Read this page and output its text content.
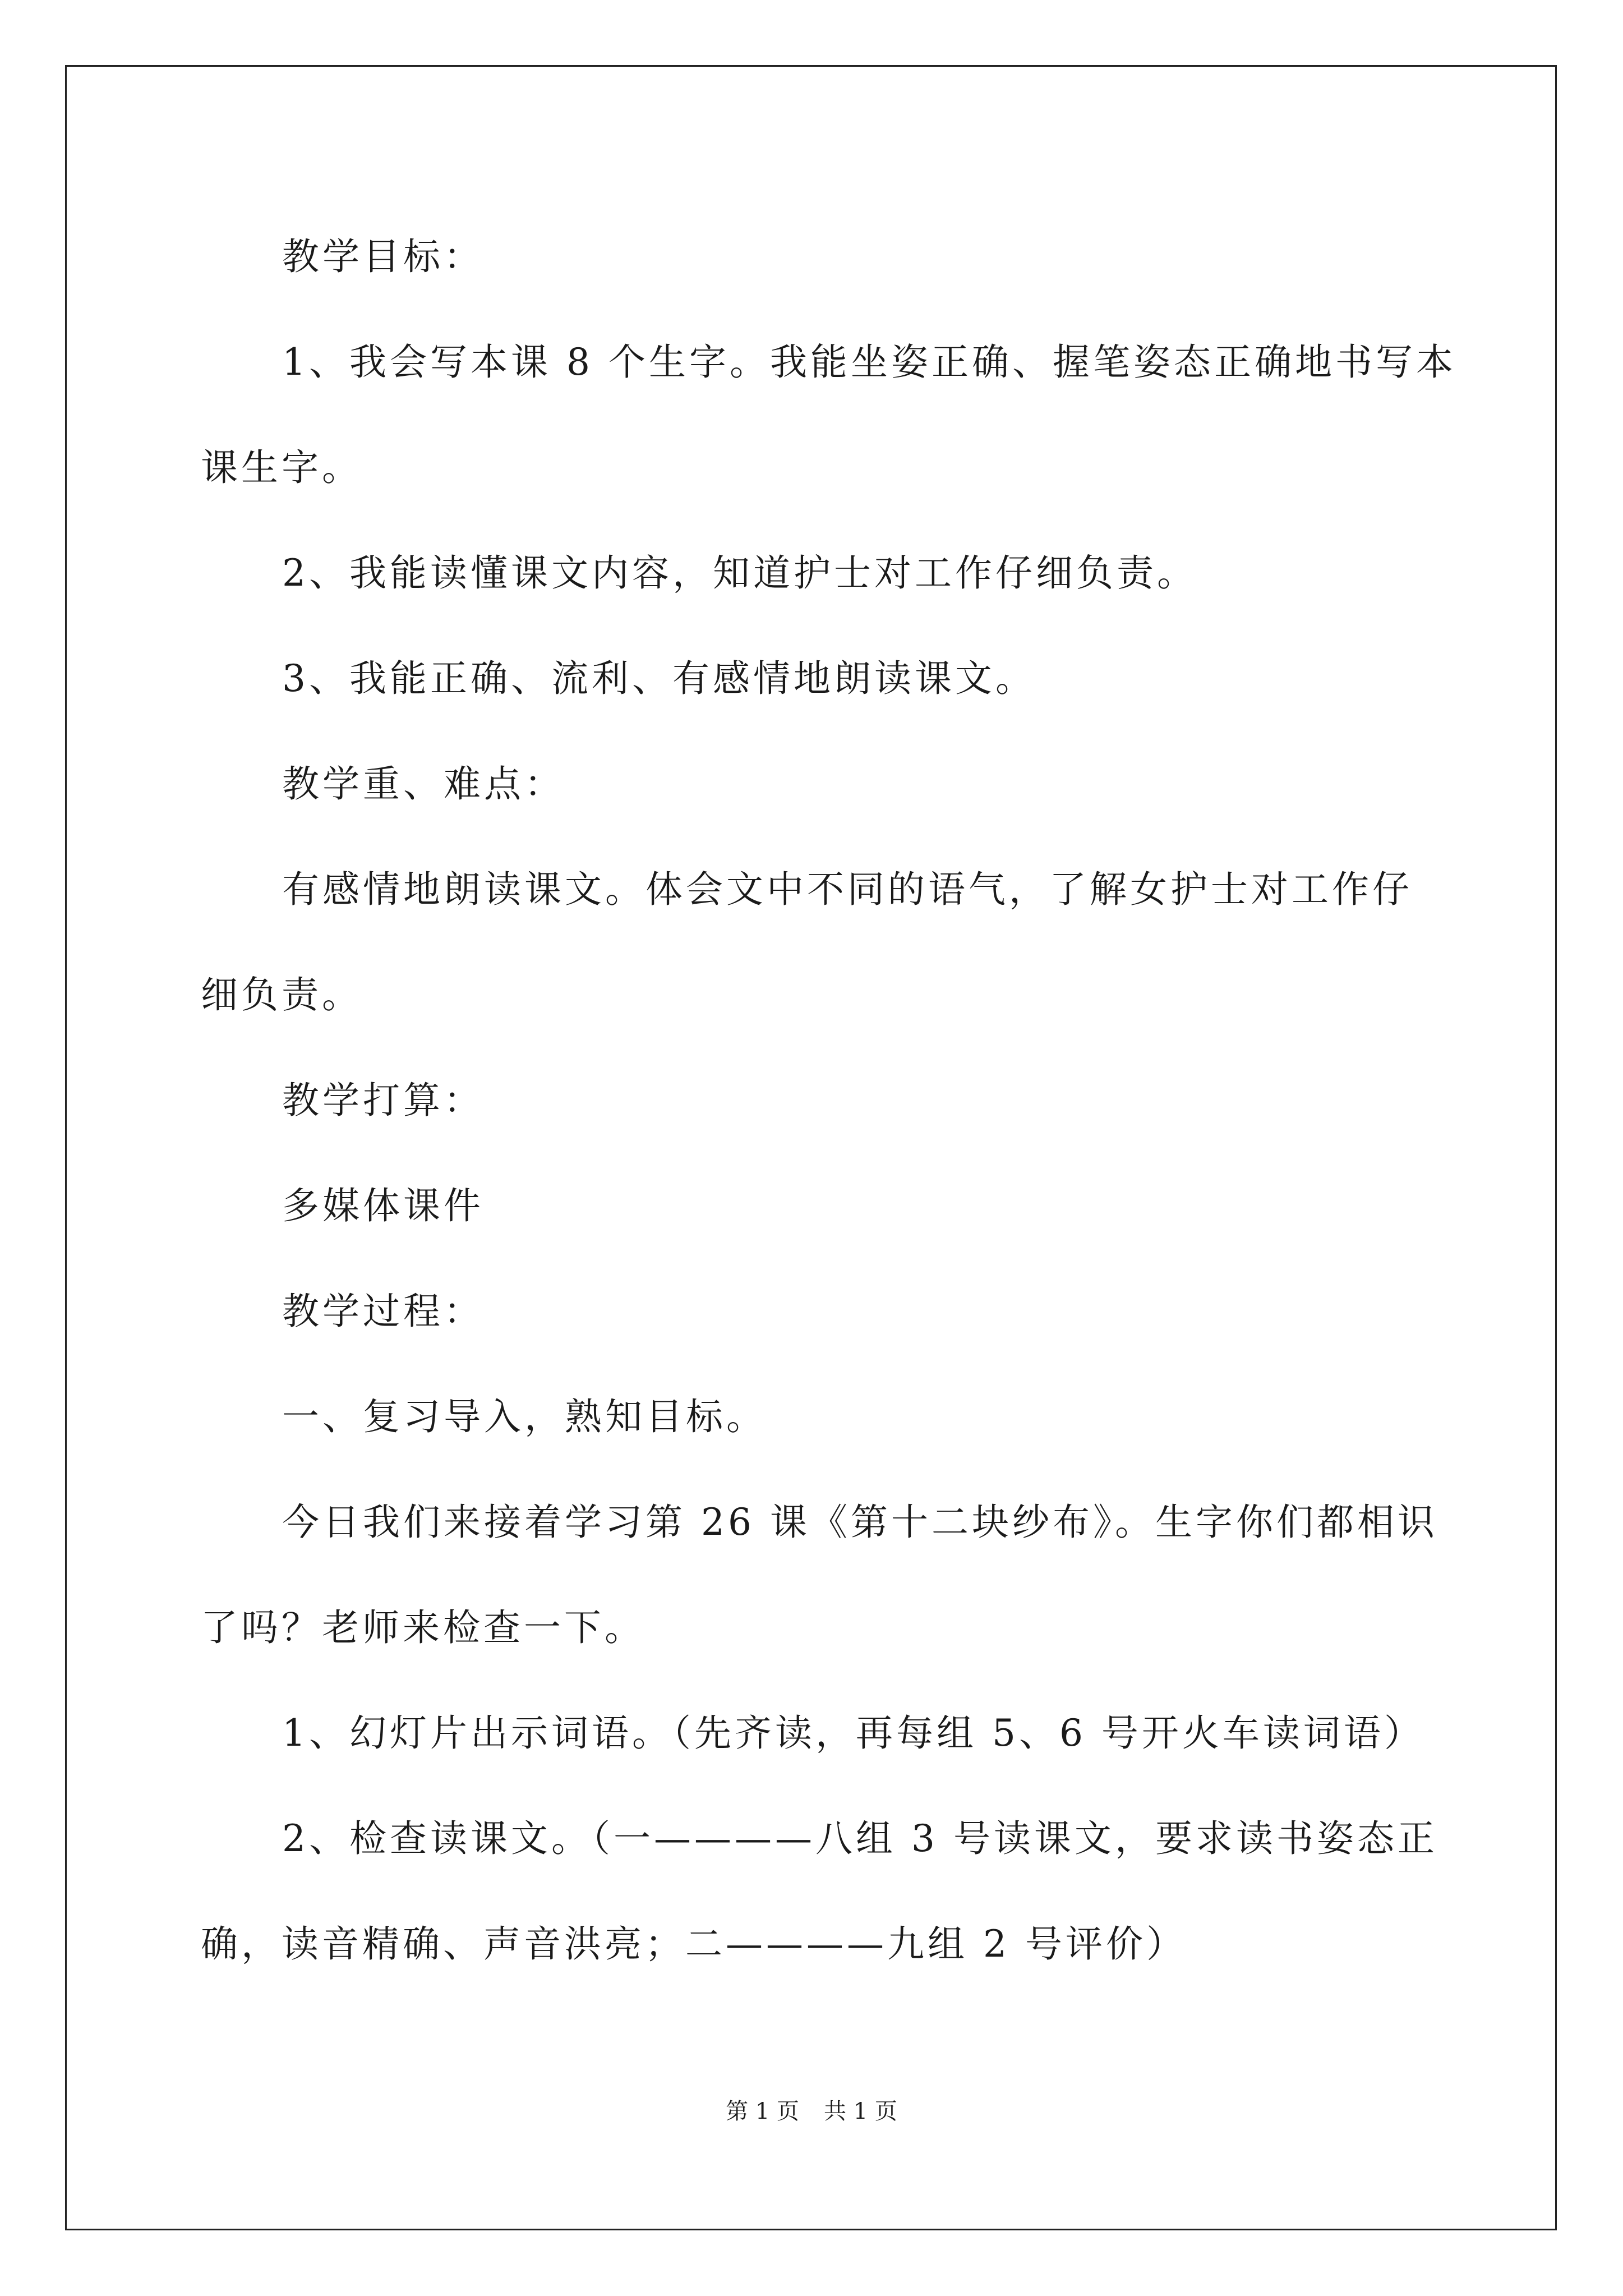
教学目标：
1、我会写本课 8 个生字。我能坐姿正确、握笔姿态正确地书写本
课生字。
2、我能读懂课文内容，知道护士对工作仔细负责。
3、我能正确、流利、有感情地朗读课文。
教学重、难点：
有感情地朗读课文。体会文中不同的语气，了解女护士对工作仔
细负责。
教学打算：
多媒体课件
教学过程：
一、复习导入，熟知目标。
今日我们来接着学习第 26 课《第十二块纱布》。生字你们都相识
了吗？老师来检查一下。
1、幻灯片出示词语。（先齐读，再每组 5、6 号开火车读词语）
2、检查读课文。（一————八组 3 号读课文，要求读书姿态正
确，读音精确、声音洪亮；二————九组 2 号评价）
第 1 页 共 1 页
